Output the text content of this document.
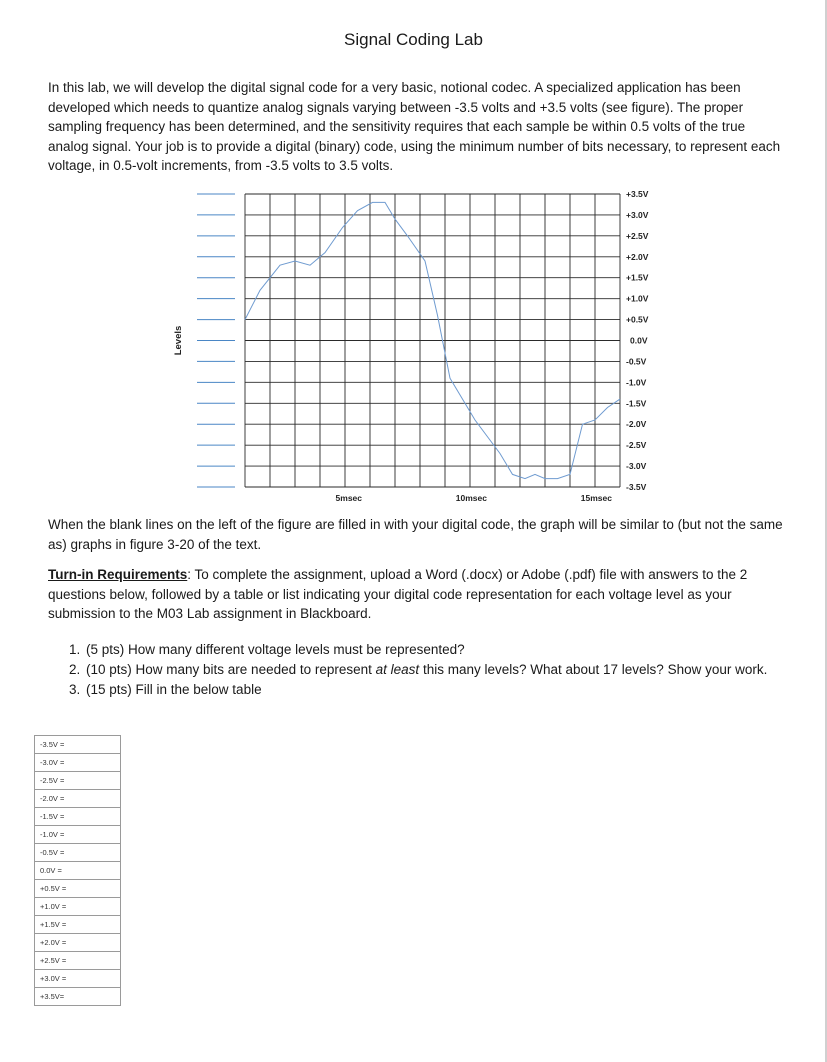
Signal Coding Lab
In this lab, we will develop the digital signal code for a very basic, notional codec. A specialized application has been developed which needs to quantize analog signals varying between -3.5 volts and +3.5 volts (see figure). The proper sampling frequency has been determined, and the sensitivity requires that each sample be within 0.5 volts of the true analog signal. Your job is to provide a digital (binary) code, using the minimum number of bits necessary, to represent each voltage, in 0.5-volt increments, from -3.5 volts to 3.5 volts.
+3.5V
+3.0V
+2.5V
+2.0V
+1.5V
+1.0V
+0.5V
0.0V
-0.5V
-1.0V
-1.5V
-2.0V
-2.5V
-3.0V
-3.5V
5msec	10msec	15msec
Levels
When the blank lines on the left of the figure are filled in with your digital code, the graph will be similar to (but not the same as) graphs in figure 3-20 of the text.
Turn-in Requirements: To complete the assignment, upload a Word (.docx) or Adobe (.pdf) file with answers to the 2 questions below, followed by a table or list indicating your digital code representation for each voltage level as your submission to the M03 Lab assignment in Blackboard.
1. (5 pts) How many different voltage levels must be represented?
2. (10 pts) How many bits are needed to represent at least this many levels? What about 17 levels? Show your work.
3. (15 pts) Fill in the below table
-3.5V =
-3.0V =
-2.5V =
-2.0V =
-1.5V =
-1.0V =
-0.5V =
0.0V =
+0.5V =
+1.0V =
+1.5V =
+2.0V =
+2.5V =
+3.0V =
+3.5V=
